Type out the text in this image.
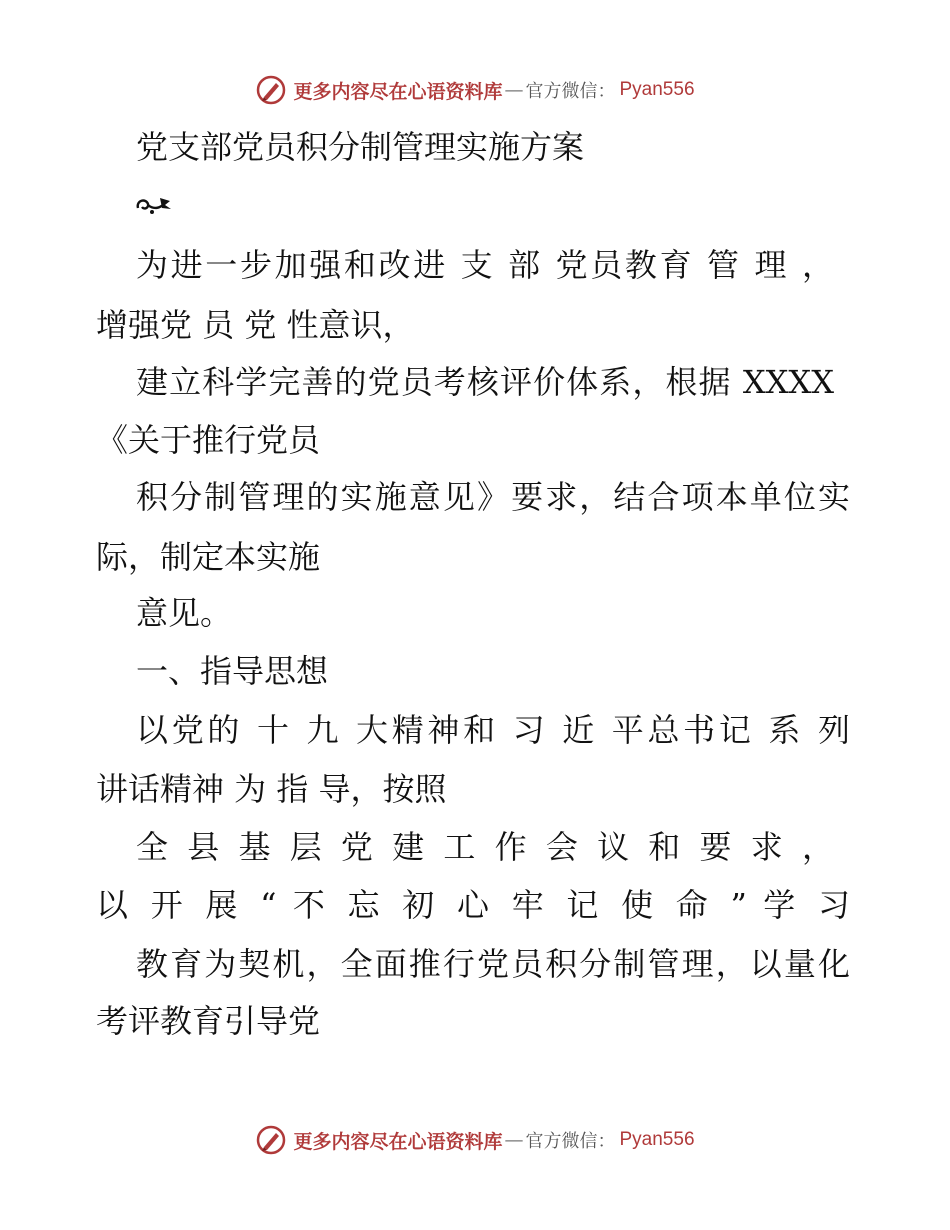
更多内容尽在心语资料库 — 官方微信 ： Pyan556
党支部党员积分制管理实施方案
为进一步加强和改进 支 部 党员教育 管 理 ，
增强党 员 党 性意识，
建立科学完善的党员考核评价体系，根据 XXXX
《关于推行党员
积分制管理的实施意见》要求，结合项本单位实
际，制定本实施
意见。
一、指导思想
以党的 十 九 大精神和 习 近 平总书记 系 列
讲话精神 为 指 导，按照
全 县 基 层 党 建 工 作 会 议 和 要 求 ，
以 开 展 “ 不 忘 初 心 牢 记 使 命 ” 学 习
教育为契机，全面推行党员积分制管理，以量化
考评教育引导党
更多内容尽在心语资料库 — 官方微信 ： Pyan556
